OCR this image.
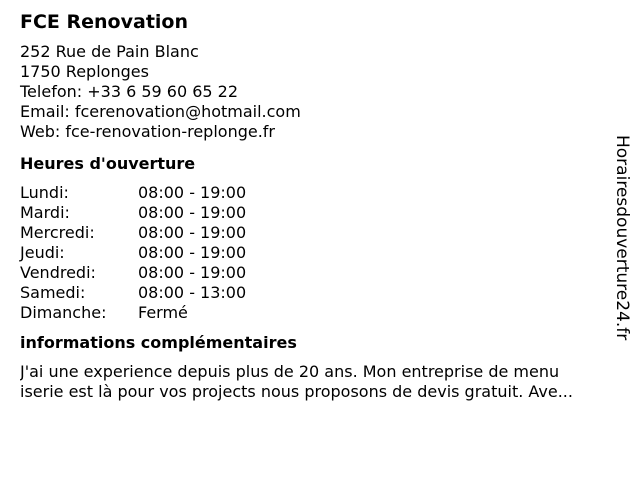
FCE Renovation
252 Rue de Pain Blanc
1750 Replonges
Telefon: +33 6 59 60 65 22
Email: fcerenovation@hotmail.com
Web: fce-renovation-replonge.fr
Heures d'ouverture
Lundi:	08:00 - 19:00
Mardi:	08:00 - 19:00
Mercredi:	08:00 - 19:00
Jeudi:	08:00 - 19:00
Vendredi:	08:00 - 19:00
Samedi:	08:00 - 13:00
Dimanche:	Fermé
informations complémentaires
J'ai une experience depuis plus de 20 ans. Mon entreprise de menu
iserie est là pour vos projects nous proposons de devis gratuit. Ave...
Horairesdouverture24.fr
